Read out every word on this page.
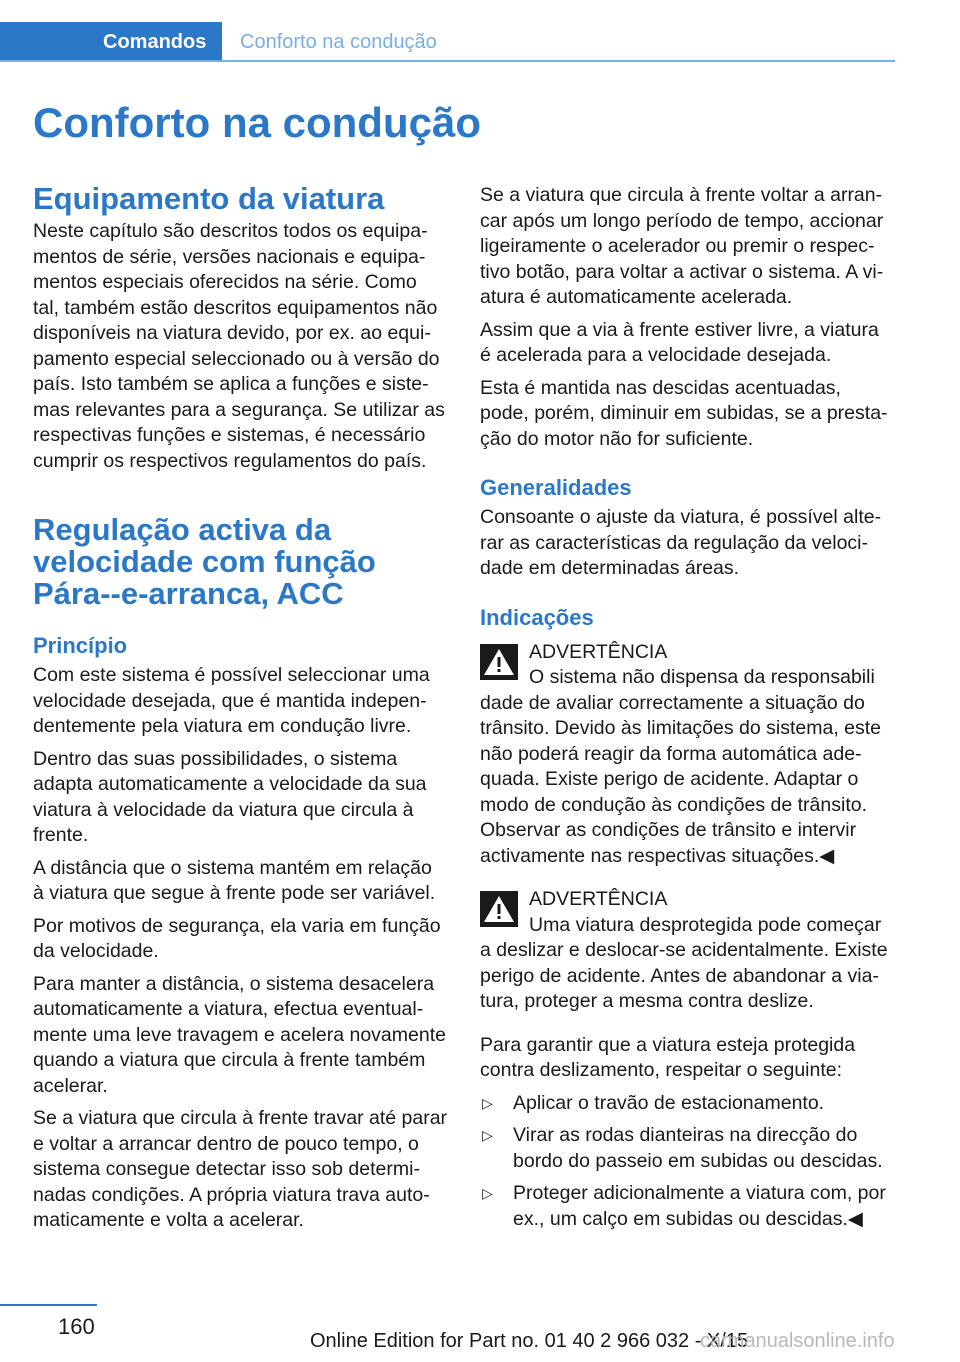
Comandos	Conforto na condução
Conforto na condução
Equipamento da viatura

Neste capítulo são descritos todos os equipamentos de série, versões nacionais e equipamentos especiais oferecidos na série. Como tal, também estão descritos equipamentos não disponíveis na viatura devido, por ex. ao equipamento especial seleccionado ou à versão do país. Isto também se aplica a funções e sistemas relevantes para a segurança. Se utilizar as respectivas funções e sistemas, é necessário cumprir os respectivos regulamentos do país.

Regulação activa da velocidade com função Pára--e-arranca, ACC
Princípio

Com este sistema é possível seleccionar uma velocidade desejada, que é mantida independentemente pela viatura em condução livre.

Dentro das suas possibilidades, o sistema adapta automaticamente a velocidade da sua viatura à velocidade da viatura que circula à frente.

A distância que o sistema mantém em relação à viatura que segue à frente pode ser variável.

Por motivos de segurança, ela varia em função da velocidade.

Para manter a distância, o sistema desacelera automaticamente a viatura, efectua eventualmente uma leve travagem e acelera novamente quando a viatura que circula à frente também acelerar.

Se a viatura que circula à frente travar até parar e voltar a arrancar dentro de pouco tempo, o sistema consegue detectar isso sob determinadas condições. A própria viatura trava automaticamente e volta a acelerar.

Se a viatura que circula à frente voltar a arrancar após um longo período de tempo, accionar ligeiramente o acelerador ou premir o respectivo botão, para voltar a activar o sistema. A viatura é automaticamente acelerada.

Assim que a via à frente estiver livre, a viatura é acelerada para a velocidade desejada.

Esta é mantida nas descidas acentuadas, pode, porém, diminuir em subidas, se a prestação do motor não for suficiente.

Generalidades

Consoante o ajuste da viatura, é possível alterar as características da regulação da velocidade em determinadas áreas.

Indicações

ADVERTÊNCIA

O sistema não dispensa da responsabili

dade de avaliar correctamente a situação do trânsito. Devido às limitações do sistema, este não poderá reagir da forma automática adequada. Existe perigo de acidente. Adaptar o modo de condução às condições de trânsito. Observar as condições de trânsito e intervir activamente nas respectivas situações.◀

ADVERTÊNCIA

Uma viatura desprotegida pode começar

a deslizar e deslocar-se acidentalmente. Existe perigo de acidente. Antes de abandonar a viatura, proteger a mesma contra deslize.

Para garantir que a viatura esteja protegida contra deslizamento, respeitar o seguinte:

▷ Aplicar o travão de estacionamento.
▷ Virar as rodas dianteiras na direcção do bordo do passeio em subidas ou descidas.
▷ Proteger adicionalmente a viatura com, por ex., um calço em subidas ou descidas.◀
160
Online Edition for Part no. 01 40 2 966 032 - X/15
carmanualsonline.info
